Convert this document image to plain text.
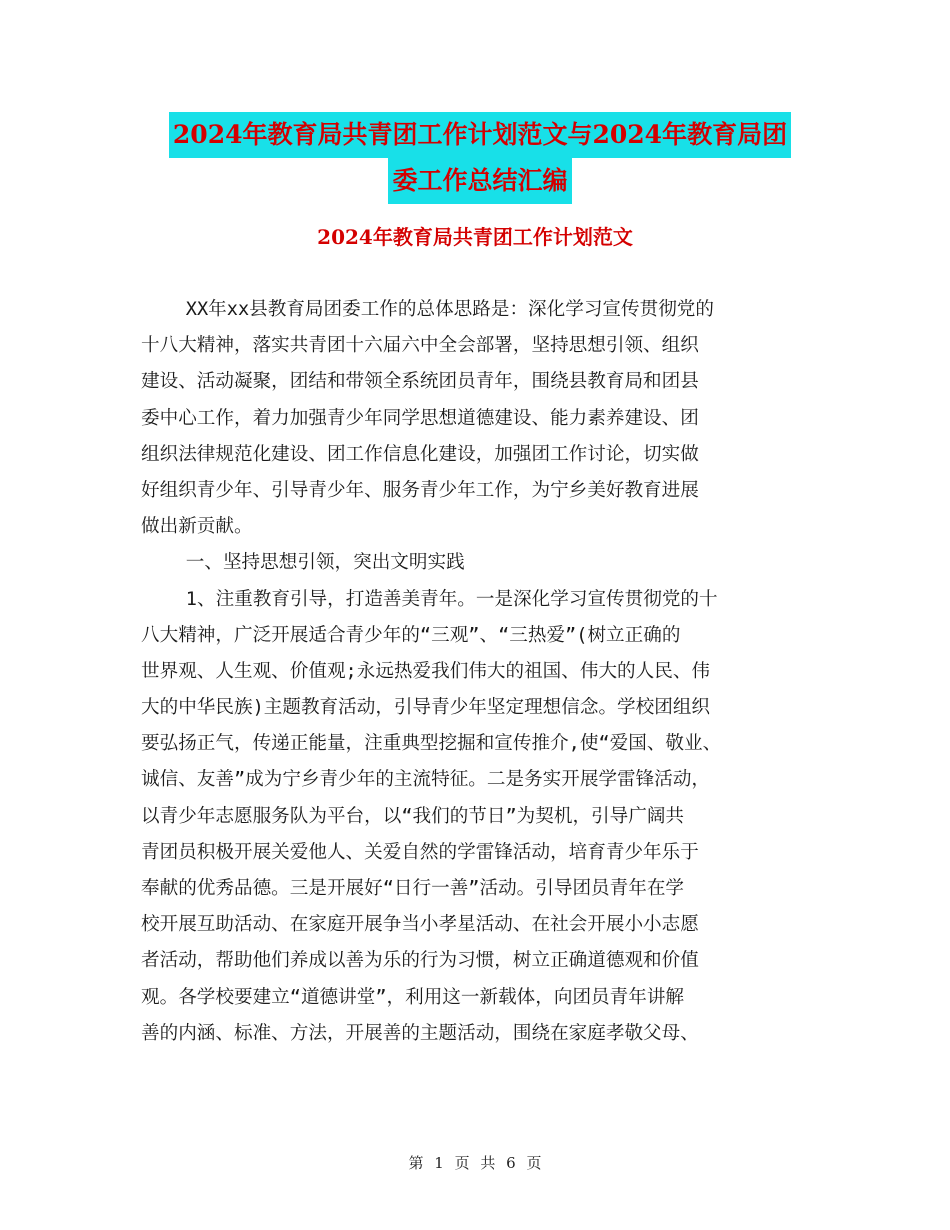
2024年教育局共青团工作计划范文与2024年教育局团
委工作总结汇编
2024年教育局共青团工作计划范文
XX年xx县教育局团委工作的总体思路是：深化学习宣传贯彻党的
十八大精神，落实共青团十六届六中全会部署，坚持思想引领、组织
建设、活动凝聚，团结和带领全系统团员青年，围绕县教育局和团县
委中心工作，着力加强青少年同学思想道德建设、能力素养建设、团
组织法律规范化建设、团工作信息化建设，加强团工作讨论，切实做
好组织青少年、引导青少年、服务青少年工作，为宁乡美好教育进展
做出新贡献。
一、坚持思想引领，突出文明实践
1、注重教育引导，打造善美青年。一是深化学习宣传贯彻党的十
八大精神，广泛开展适合青少年的“三观”、“三热爱”(树立正确的
世界观、人生观、价值观;永远热爱我们伟大的祖国、伟大的人民、伟
大的中华民族)主题教育活动，引导青少年坚定理想信念。学校团组织
要弘扬正气，传递正能量，注重典型挖掘和宣传推介,使“爱国、敬业、
诚信、友善”成为宁乡青少年的主流特征。二是务实开展学雷锋活动，
以青少年志愿服务队为平台，以“我们的节日”为契机，引导广阔共
青团员积极开展关爱他人、关爱自然的学雷锋活动，培育青少年乐于
奉献的优秀品德。三是开展好“日行一善”活动。引导团员青年在学
校开展互助活动、在家庭开展争当小孝星活动、在社会开展小小志愿
者活动，帮助他们养成以善为乐的行为习惯，树立正确道德观和价值
观。各学校要建立“道德讲堂”，利用这一新载体，向团员青年讲解
善的内涵、标准、方法，开展善的主题活动，围绕在家庭孝敬父母、
第 1 页 共 6 页
